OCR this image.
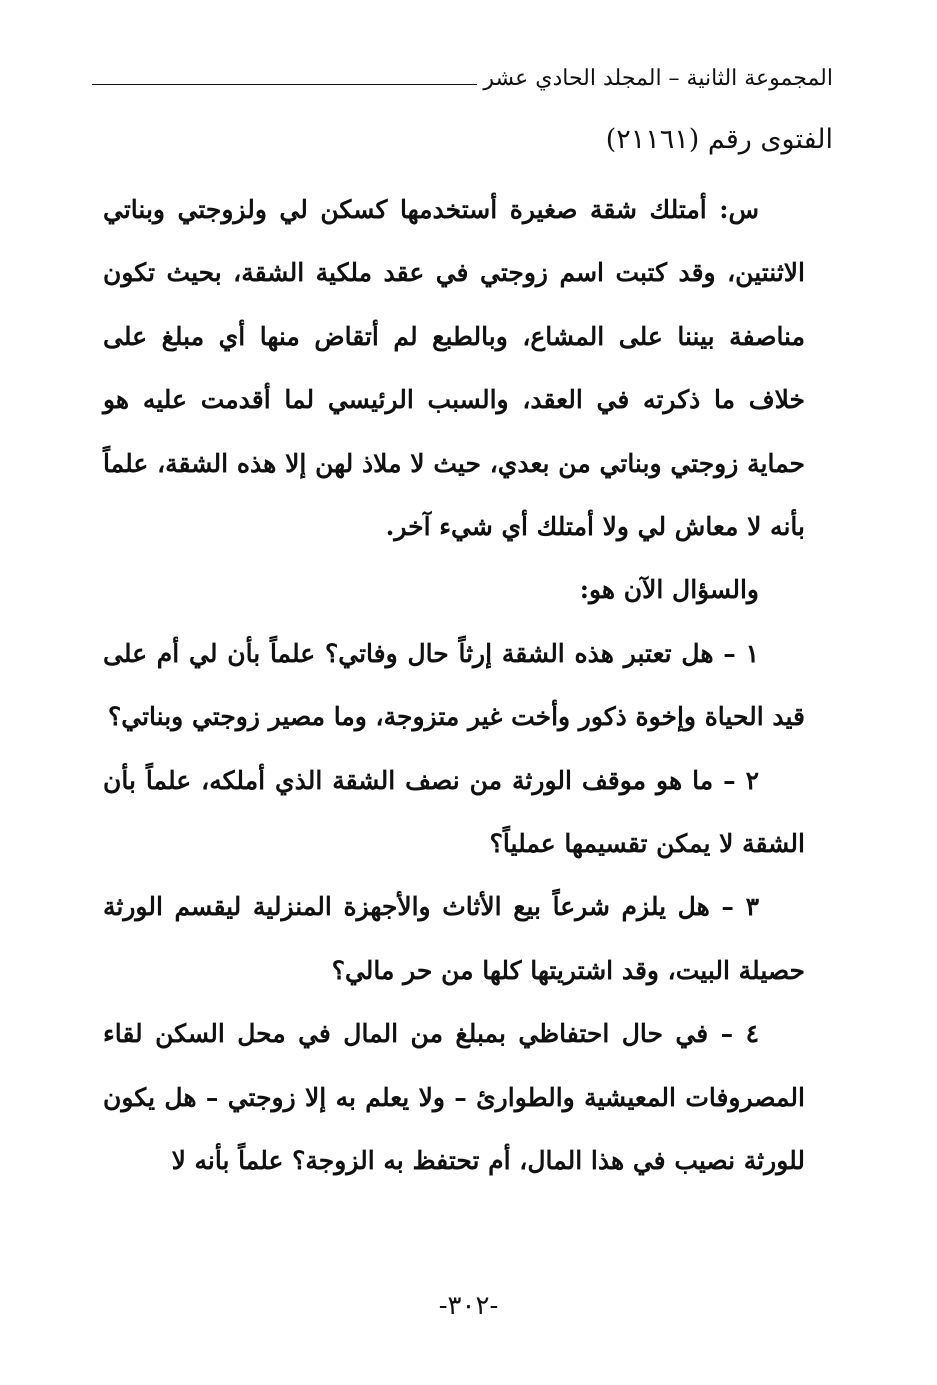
المجموعة الثانية – المجلد الحادي عشر
الفتوى رقم (٢١١٦١)

س: أمتلك شقة صغيرة أستخدمها كسكن لي ولزوجتي وبناتي الاثنتين، وقد كتبت اسم زوجتي في عقد ملكية الشقة، بحيث تكون مناصفة بيننا على المشاع، وبالطبع لم أتقاض منها أي مبلغ على خلاف ما ذكرته في العقد، والسبب الرئيسي لما أقدمت عليه هو حماية زوجتي وبناتي من بعدي، حيث لا ملاذ لهن إلا هذه الشقة، علماً بأنه لا معاش لي ولا أمتلك أي شيء آخر.

والسؤال الآن هو:

١ – هل تعتبر هذه الشقة إرثاً حال وفاتي؟ علماً بأن لي أم على قيد الحياة وإخوة ذكور وأخت غير متزوجة، وما مصير زوجتي وبناتي؟

٢ – ما هو موقف الورثة من نصف الشقة الذي أملكه، علماً بأن الشقة لا يمكن تقسيمها عملياً؟

٣ – هل يلزم شرعاً بيع الأثاث والأجهزة المنزلية ليقسم الورثة حصيلة البيت، وقد اشتريتها كلها من حر مالي؟

٤ – في حال احتفاظي بمبلغ من المال في محل السكن لقاء المصروفات المعيشية والطوارئ – ولا يعلم به إلا زوجتي – هل يكون للورثة نصيب في هذا المال، أم تحتفظ به الزوجة؟ علماً بأنه لا

-٣٠٢-
